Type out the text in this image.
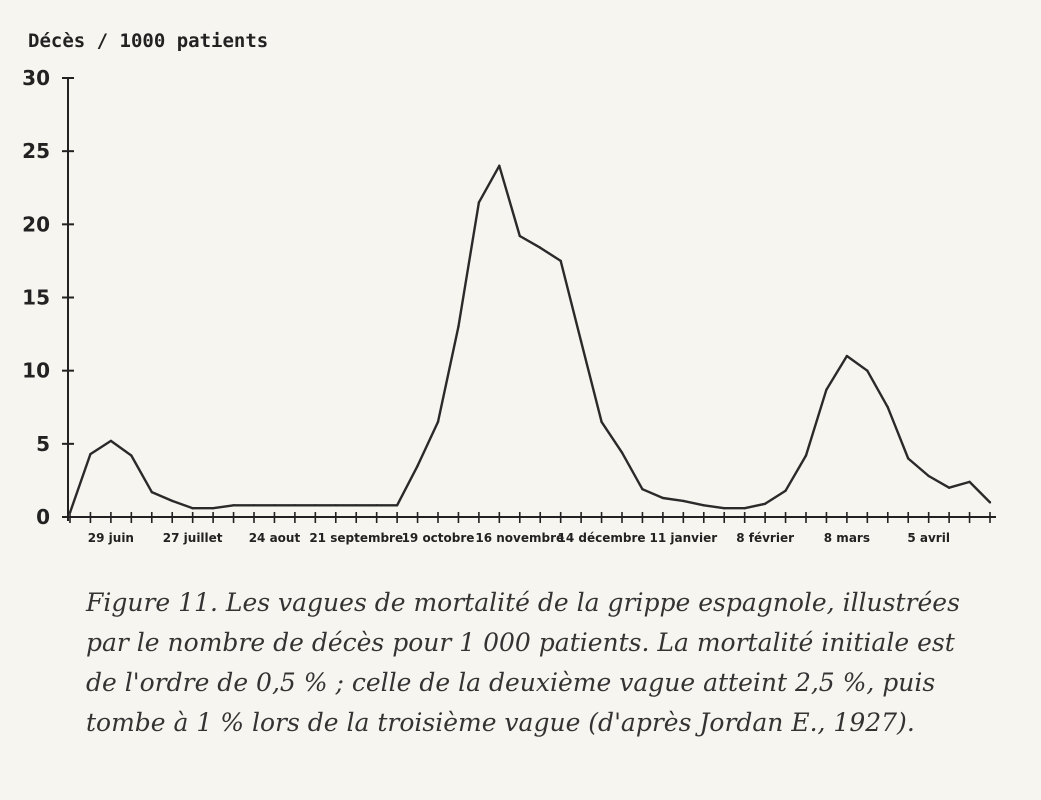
Décès / 1000 patients
0
5
10
15
20
25
30
29 juin 27 juillet 24 aout 21 septembre
19 octobre 16 novembre
14 décembre 11 janvier 8 février 8 mars	5 avril

Figure 11. Les vagues de mortalité de la grippe espagnole, illustrées par le nombre de décès pour 1 000 patients. La mortalité initiale est de l'ordre de 0,5 % ; celle de la deuxième vague atteint 2,5 %, puis tombe à 1 % lors de la troisième vague (d'après Jordan E., 1927).
